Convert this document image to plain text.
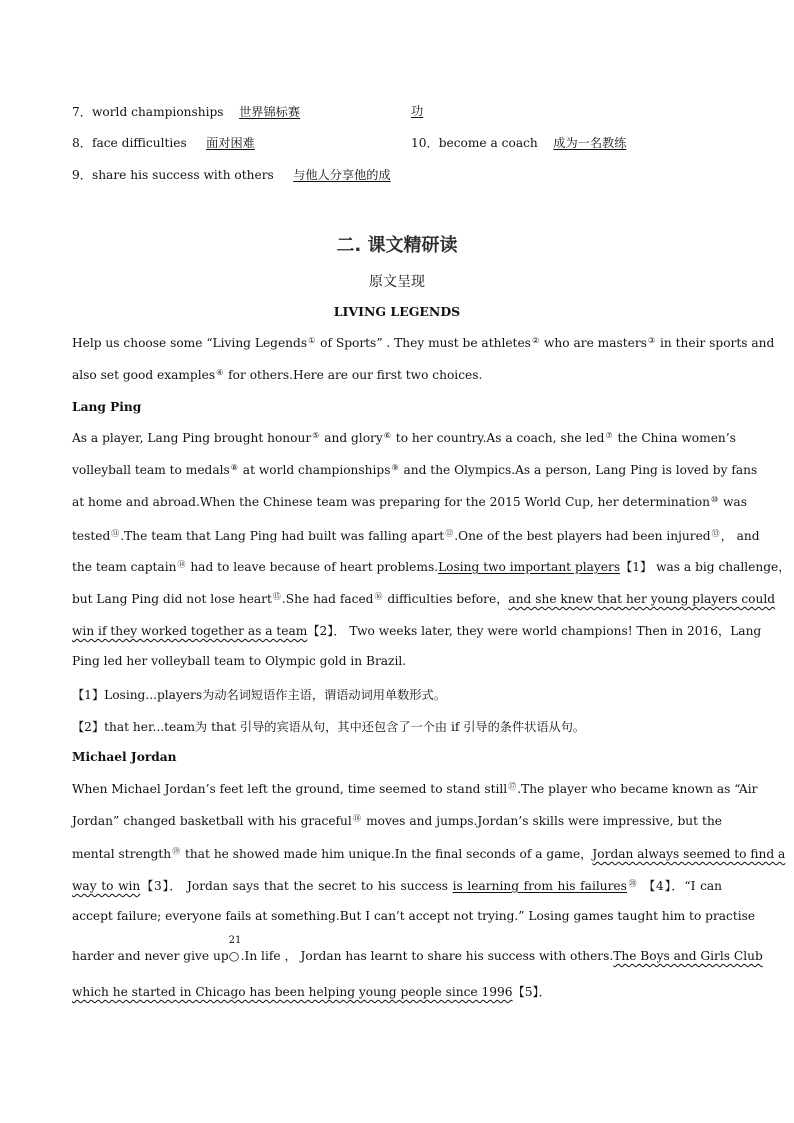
7．world championships 世界锦标赛	功
8．face difficulties 面对困难	10．become a coach 成为一名教练
9．share his success with others 与他人分享他的成
二. 课文精研读
原文呈现
LIVING LEGENDS
Help us choose some “Living Legends① of Sports” . They must be athletes② who are masters③ in their sports and
also set good examples④ for others.Here are our first two choices.
Lang Ping
As a player, Lang Ping brought honour⑤ and glory⑥ to her country.As a coach, she led⑦ the China women’s
volleyball team to medals⑧ at world championships⑨ and the Olympics.As a person, Lang Ping is loved by fans
at home and abroad.When the Chinese team was preparing for the 2015 World Cup, her determination⑩ was
tested⑪.The team that Lang Ping had built was falling apart⑫.One of the best players had been injured⑬， and
the team captain⑭ had to leave because of heart problems.Losing two important players【1】 was a big challenge，
but Lang Ping did not lose heart⑮.She had faced⑯ difficulties before，and she knew that her young players could
win if they worked together as a team【2】． Two weeks later, they were world champions! Then in 2016，Lang
Ping led her volleyball team to Olympic gold in Brazil.
【1】Losing...players为动名词短语作主语，谓语动词用单数形式。
【2】that her...team为 that 引导的宾语从句，其中还包含了一个由 if 引导的条件状语从句。
Michael Jordan
When Michael Jordan’s feet left the ground, time seemed to stand still⑰.The player who became known as “Air
Jordan” changed basketball with his graceful⑱ moves and jumps.Jordan’s skills were impressive, but the
mental strength⑲ that he showed made him unique.In the final seconds of a game，Jordan always seemed to find a
way to win【3】． Jordan says that the secret to his success is learning from his failures⑳ 【4】．“I can
accept failure; everyone fails at something.But I can’t accept not trying.” Losing games taught him to practise
harder and never give up
21
○.In life ， Jordan has learnt to share his success with others.The Boys and Girls Club
which he started in Chicago has been helping young people since 1996【5】．
